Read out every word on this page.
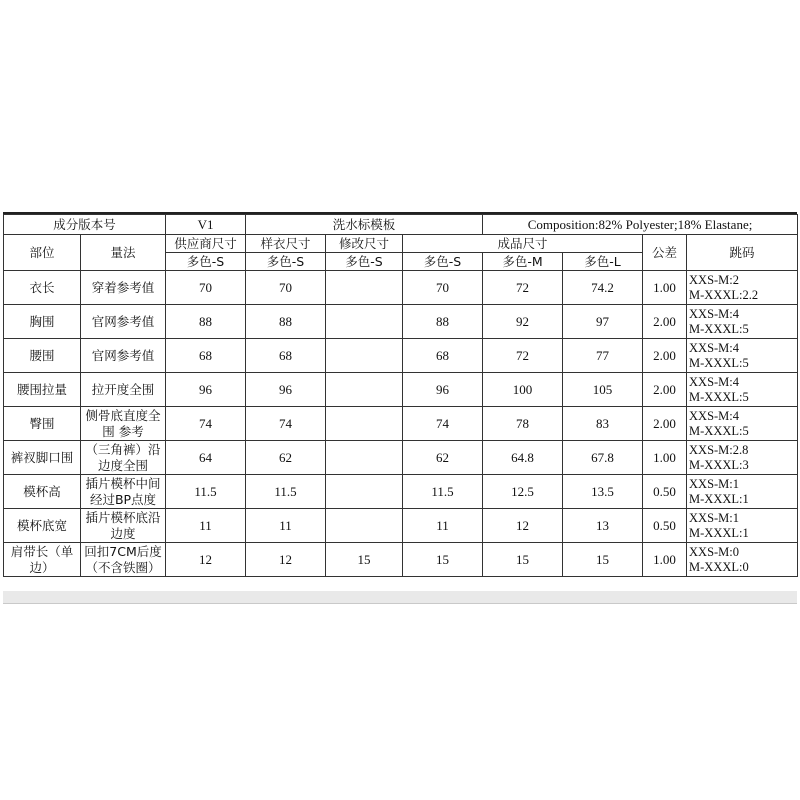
成分版本号		V1	洗水标模板			Composition:82% Polyester;18% Elastane;			
部位	量法	供应商尺寸	样衣尺寸	修改尺寸	成品尺寸			公差	跳码
		多色-S	多色-S	多色-S	多色-S	多色-M	多色-L		
衣长	穿着参考值	70	70		70	72	74.2	1.00	XXS-M:2
M-XXXL:2.2

胸围	官网参考值	88	88		88	92	97	2.00	XXS-M:4
M-XXXL:5

腰围	官网参考值	68	68		68	72	77	2.00	XXS-M:4
M-XXXL:5

腰围拉量	拉开度全围	96	96		96	100	105	2.00	XXS-M:4
M-XXXL:5

臀围	侧骨底直度全围 参考	74	74		74	78	83	2.00	XXS-M:4
M-XXXL:5

裤衩脚口围	（三角裤）沿边度全围	64	62		62	64.8	67.8	1.00	XXS-M:2.8
M-XXXL:3

模杯高	插片模杯中间经过BP点度	11.5	11.5		11.5	12.5	13.5	0.50	XXS-M:1
M-XXXL:1

模杯底宽	插片模杯底沿边度	11	11		11	12	13	0.50	XXS-M:1
M-XXXL:1

肩带长（单边）	回扣7CM后度（不含铁圈）	12	12	15	15	15	15	1.00	XXS-M:0
M-XXXL:0
